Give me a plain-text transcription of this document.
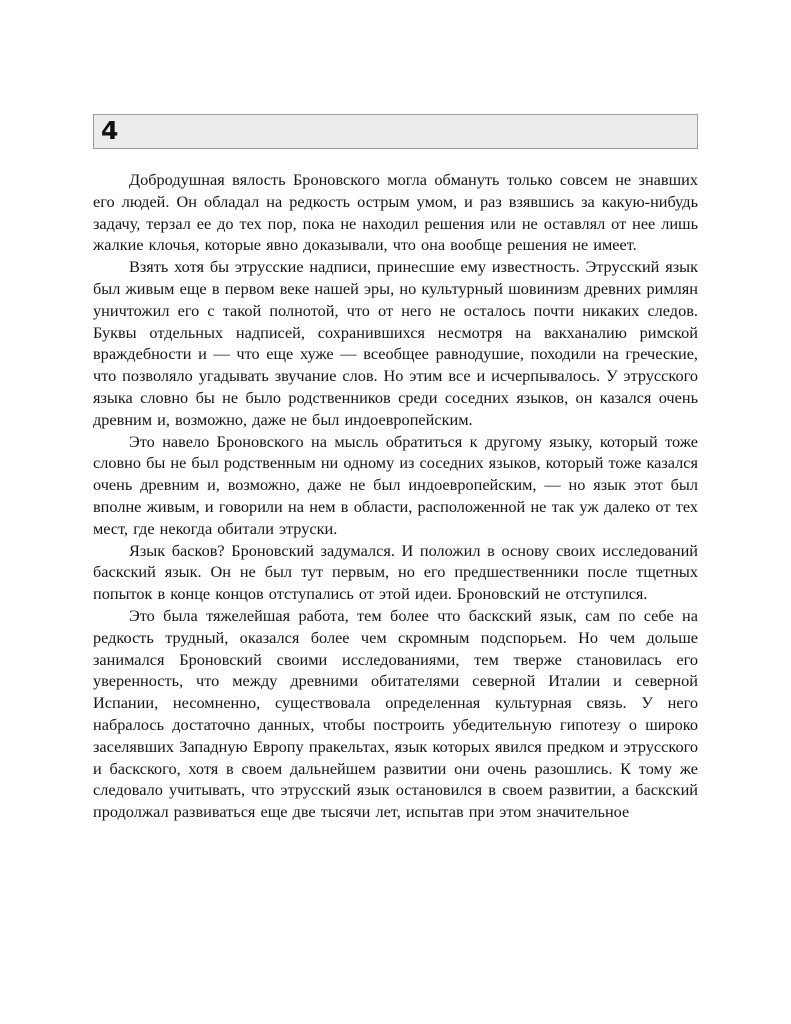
4

Добродушная вялость Броновского могла обмануть только совсем не знавших его людей. Он обладал на редкость острым умом, и раз взявшись за какую-нибудь задачу, терзал ее до тех пор, пока не находил решения или не оставлял от нее лишь жалкие клочья, которые явно доказывали, что она вообще решения не имеет.

Взять хотя бы этрусские надписи, принесшие ему известность. Этрусский язык был живым еще в первом веке нашей эры, но культурный шовинизм древних римлян уничтожил его с такой полнотой, что от него не осталось почти никаких следов. Буквы отдельных надписей, сохранившихся несмотря на вакханалию римской враждебности и — что еще хуже — всеобщее равнодушие, походили на греческие, что позволяло угадывать звучание слов. Но этим все и исчерпывалось. У этрусского языка словно бы не было родственников среди соседних языков, он казался очень древним и, возможно, даже не был индоевропейским.

Это навело Броновского на мысль обратиться к другому языку, который тоже словно бы не был родственным ни одному из соседних языков, который тоже казался очень древним и, возможно, даже не был индоевропейским, — но язык этот был вполне живым, и говорили на нем в области, расположенной не так уж далеко от тех мест, где некогда обитали этруски.

Язык басков? Броновский задумался. И положил в основу своих исследований баскский язык. Он не был тут первым, но его предшественники после тщетных попыток в конце концов отступались от этой идеи. Броновский не отступился.

Это была тяжелейшая работа, тем более что баскский язык, сам по себе на редкость трудный, оказался более чем скромным подспорьем. Но чем дольше занимался Броновский своими исследованиями, тем тверже становилась его уверенность, что между древними обитателями северной Италии и северной Испании, несомненно, существовала определенная культурная связь. У него набралось достаточно данных, чтобы построить убедительную гипотезу о широко заселявших Западную Европу пракельтах, язык которых явился предком и этрусского и баскского, хотя в своем дальнейшем развитии они очень разошлись. К тому же следовало учитывать, что этрусский язык остановился в своем развитии, а баскский продолжал развиваться еще две тысячи лет, испытав при этом значительное
